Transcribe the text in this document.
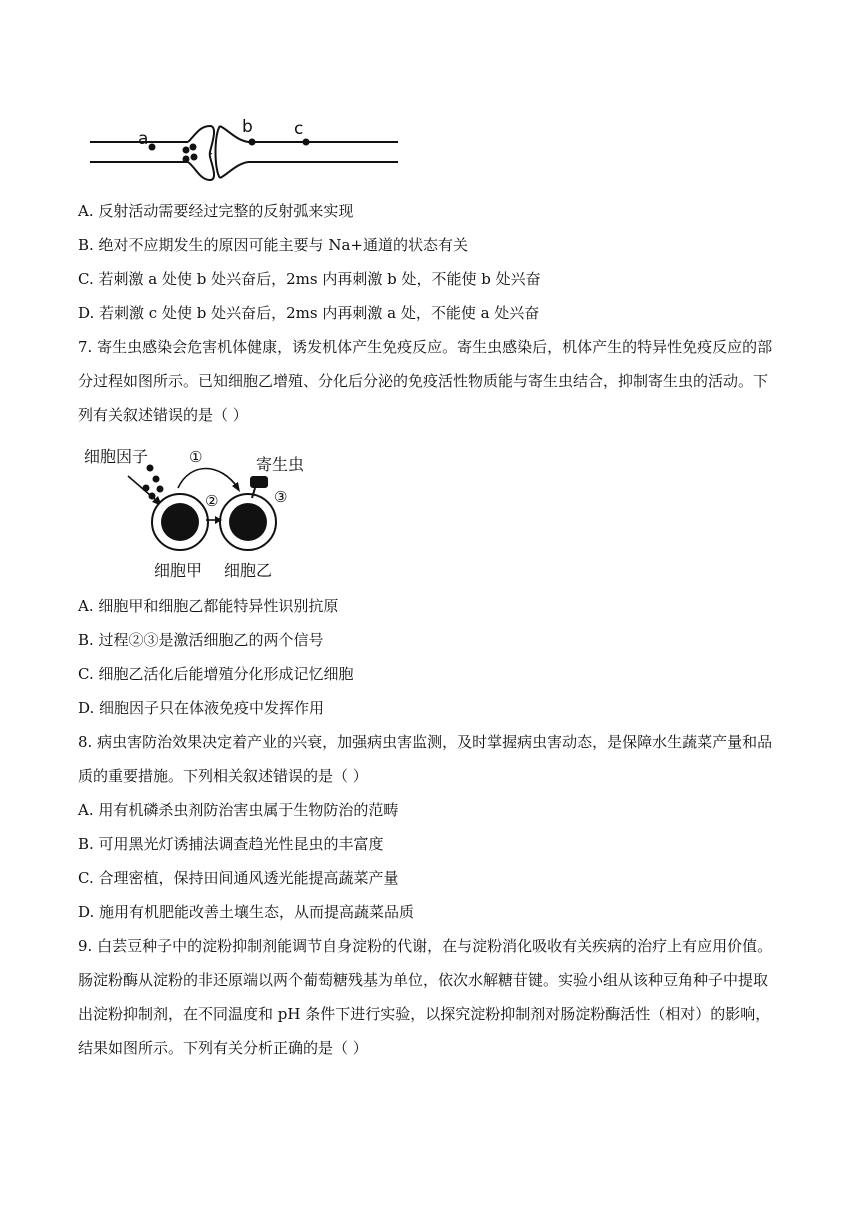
a
b c
A. 反射活动需要经过完整的反射弧来实现
B. 绝对不应期发生的原因可能主要与 Na+通道的状态有关
C. 若刺激 a 处使 b 处兴奋后，2ms 内再刺激 b 处，不能使 b 处兴奋
D. 若刺激 c 处使 b 处兴奋后，2ms 内再刺激 a 处，不能使 a 处兴奋
7. 寄生虫感染会危害机体健康，诱发机体产生免疫反应。寄生虫感染后，机体产生的特异性免疫反应的部
分过程如图所示。已知细胞乙增殖、分化后分泌的免疫活性物质能与寄生虫结合，抑制寄生虫的活动。下
列有关叙述错误的是（ ）
细胞因子	寄生虫
①
②	③
细胞甲 细胞乙
A. 细胞甲和细胞乙都能特异性识别抗原
B. 过程②③是激活细胞乙的两个信号
C. 细胞乙活化后能增殖分化形成记忆细胞
D. 细胞因子只在体液免疫中发挥作用
8. 病虫害防治效果决定着产业的兴衰，加强病虫害监测，及时掌握病虫害动态，是保障水生蔬菜产量和品
质的重要措施。下列相关叙述错误的是（ ）
A. 用有机磷杀虫剂防治害虫属于生物防治的范畴
B. 可用黑光灯诱捕法调查趋光性昆虫的丰富度
C. 合理密植，保持田间通风透光能提高蔬菜产量
D. 施用有机肥能改善土壤生态，从而提高蔬菜品质
9. 白芸豆种子中的淀粉抑制剂能调节自身淀粉的代谢，在与淀粉消化吸收有关疾病的治疗上有应用价值。
肠淀粉酶从淀粉的非还原端以两个葡萄糖残基为单位，依次水解糖苷键。实验小组从该种豆角种子中提取
出淀粉抑制剂，在不同温度和 pH 条件下进行实验，以探究淀粉抑制剂对肠淀粉酶活性（相对）的影响，
结果如图所示。下列有关分析正确的是（ ）
